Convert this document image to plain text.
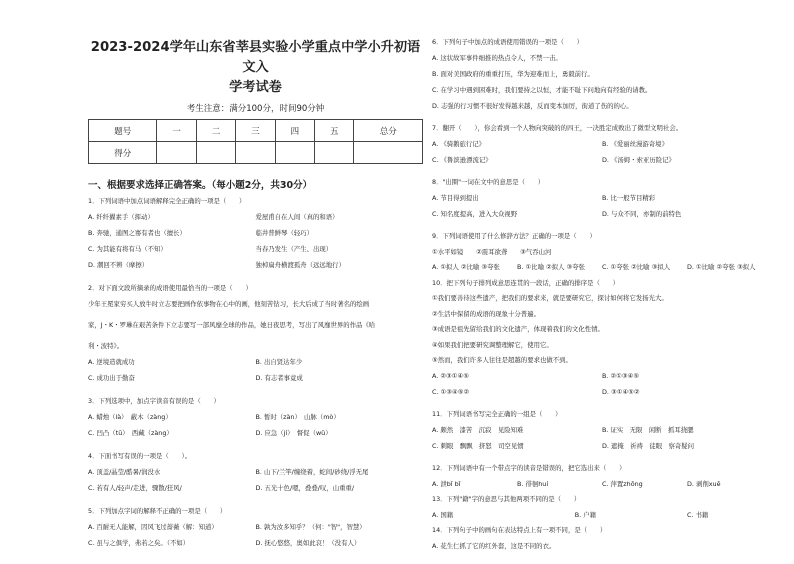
2023-2024学年山东省莘县实验小学重点中学小升初语文入

学考试卷

考生注意：满分100分，时间90分钟

题号	一	二	三	四	五	总分
得分						
一、根据要求选择正确答案。（每小题2分，共30分）
1．下列词语中加点词语解释完全正确的一项是（　　）
A. 纤纤擢素手（挥动）	爱屋甫自在人间（真的和语）
B. 奔驰，通图之骞有者也（擅长）	临井普鲜琴（轻巧）
C. 为其能有将有马（不知）	当春乃发生（产生、出现）
D. 潮回不辨（摩擦）	独棹扁舟横渡孤舟（远远地行）
2．对下面文段所摘录的成语使用最恰当的一项是（　　）
少年王冕家穷买人放牛时立志要把画作依事物在心中的画，他刻苦钻习，长大后成了当时著名的绘画
家，J・K・罗琳在艰苦条件下立志要写一部风靡全球的作品，她日夜思考，写出了风靡世界的作品《哈
利・波特》。
A. 逆境造就成功	B. 出自贤达年少
C. 成功出于勤奋	D. 有志者事竟成
3．下列选项中，加点字读音有误的是（　　）
A. 蜡烛（là）　蔽木（zàng）	B. 暂时（zàn）　山脉（mò）
C. 凹凸（tū）　西藏（zàng）	D. 应急（jí）　督促（wǔ）
4．下面书写有误的一项是（　　）。
A. 顶盖/晶莹/酷暑/润没水	B. 山下/兰竿/缠绕着，蛇间/砂绕/浮无尾
C. 若有人/轻声/走进，骤散/狂风/	D. 五光十色/嗯，叠叠/叹，山重重/
5．下列加点字词的解释不正确的一项是（　　）
A. 百耐无人能解，因风飞过蔷薇（解：知道）	B. 孰为汝多知乎？（何："智"，智慧）
C. 虽与之俱学，弗若之矣。（不如）	D. 抚心悠悠，奥如此哀！（没有人）
6．下列句子中加点的成语使用错误的一项是（　　）
A. 这状故军事件细推的热点令人，不禁一击。
B. 面对美国政府的重重打压，华为迎难而上，勇毅前行。
C. 在学习中遇到困难时，我们要持之以恒，才能不耻下问地向有经验的请教。
D. 志强的行习惯不很好发得越来越，反而变本加厉，街道了伤的的心。
7．翻开（　　），你会看到一个人物向突破的的四王，一决胜定成败出了微型文明社会。
A. 《骑鹅旅行记》	B. 《爱丽丝漫游奇境》
C. 《鲁滨逊漂流记》	D. 《汤姆・索亚历险记》
8．"出圈"一词在文中的意思是（　　）
A. 节目得到提出	B. 比一般节目精彩
C. 知名度提高，进入大众视野	D. 与众不同，亦制的前特色
9．下列词语使用了什么修辞方法？正确的一项是（　　）
①水平如镜　　②震耳欲聋　　③气吞山河
A. ①拟人 ②比喻 ③夸张	B. ①比喻 ②拟人 ③夸张	C. ①夸张 ②比喻 ③拟人	D. ①比喻 ②夸张 ③拟人
10．把下列句子排列成意思连贯的一段话，正确的排序是（　　）
①我们要善待这些遗产，把我们的要求来，就是要研究它，探讨如何将它发扬光大。
②生活中保留的成语的现象十分普遍。
③成语是祖先留给我们的文化遗产，体现着我们的文化性情。
④如果我们把要研究调整理解它，使用它。
⑤然而，我们许多人往往是超越的要求也做不到。
A. ②③①④⑤	B. ②①③④⑤
C. ①③④⑤②	D. ③①④⑤②
11．下列词语书写完全正确的一组是（　　）
A. 颇然　漆苦　沉寂　见险知难	B. 证实　无限　闲断　抓耳挠腮
C. 刺眼　飘飘　挤怒　司空见惯	D. 遮掩　祈祷　徒眼　察奇疑问
12．下列词语中有一个带点字的读音是错误的，把它选出来（　　）
A. 泄bǐ bǐ	B. 徘徊huí	C. 萍置zhōng	D. 剥削xuē
13．下列"籍"字的意思与其他两项不同的是（　　）
A. 国籍	B. 户籍	C. 书籍
14．下列句子中的画句在表达特点上有一项不同，是（　　）
A. 花生仁抓了它的红外套，这是不同的衣。
